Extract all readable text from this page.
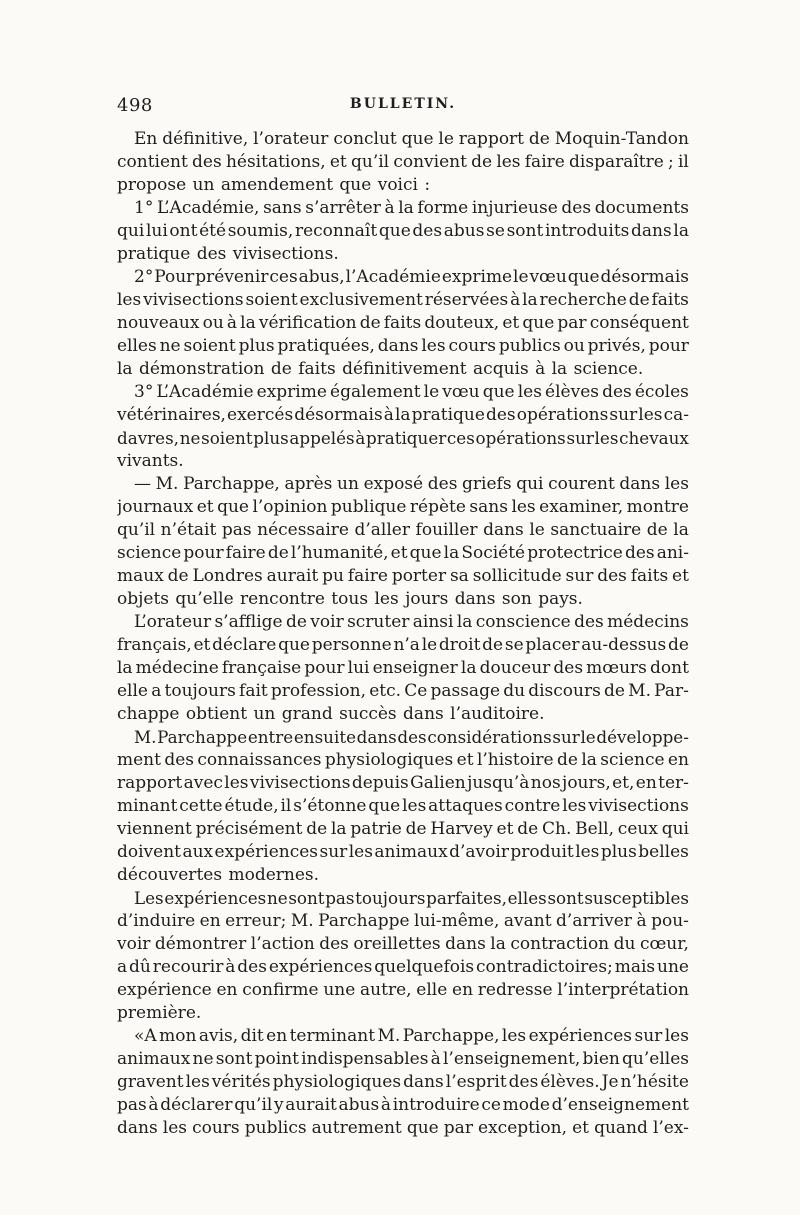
498	BULLETIN.
En définitive, l’orateur conclut que le rapport de Moquin-Tandon
contient des hésitations, et qu’il convient de les faire disparaître ; il
propose un amendement que voici :
1° L’Académie, sans s’arrêter à la forme injurieuse des documents
qui lui ont été soumis, reconnaît que des abus se sont introduits dans la
pratique des vivisections.
2° Pour prévenir ces abus, l’Académie exprime le vœu que désormais
les vivisections soient exclusivement réservées à la recherche de faits
nouveaux ou à la vérification de faits douteux, et que par conséquent
elles ne soient plus pratiquées, dans les cours publics ou privés, pour
la démonstration de faits définitivement acquis à la science.
3° L’Académie exprime également le vœu que les élèves des écoles
vétérinaires, exercés désormais à la pratique des opérations sur les ca-
davres, ne soient plus appelés à pratiquer ces opérations sur les chevaux
vivants.
— M. Parchappe, après un exposé des griefs qui courent dans les
journaux et que l’opinion publique répète sans les examiner, montre
qu’il n’était pas nécessaire d’aller fouiller dans le sanctuaire de la
science pour faire de l’humanité, et que la Société protectrice des ani-
maux de Londres aurait pu faire porter sa sollicitude sur des faits et
objets qu’elle rencontre tous les jours dans son pays.
L’orateur s’afflige de voir scruter ainsi la conscience des médecins
français, et déclare que personne n’a le droit de se placer au-dessus de
la médecine française pour lui enseigner la douceur des mœurs dont
elle a toujours fait profession, etc. Ce passage du discours de M. Par-
chappe obtient un grand succès dans l’auditoire.
M. Parchappe entre ensuite dans des considérations sur le développe-
ment des connaissances physiologiques et l’histoire de la science en
rapport avec les vivisections depuis Galien jusqu’à nos jours, et, en ter-
minant cette étude, il s’étonne que les attaques contre les vivisections
viennent précisément de la patrie de Harvey et de Ch. Bell, ceux qui
doivent aux expériences sur les animaux d’avoir produit les plus belles
découvertes modernes.
Les expériences ne sont pas toujours parfaites, elles sont susceptibles
d’induire en erreur; M. Parchappe lui-même, avant d’arriver à pou-
voir démontrer l’action des oreillettes dans la contraction du cœur,
a dû recourir à des expériences quelquefois contradictoires; mais une
expérience en confirme une autre, elle en redresse l’interprétation
première.
«A mon avis, dit en terminant M. Parchappe, les expériences sur les
animaux ne sont point indispensables à l’enseignement, bien qu’elles
gravent les vérités physiologiques dans l’esprit des élèves. Je n’hésite
pas à déclarer qu’il y aurait abus à introduire ce mode d’enseignement
dans les cours publics autrement que par exception, et quand l’ex-
